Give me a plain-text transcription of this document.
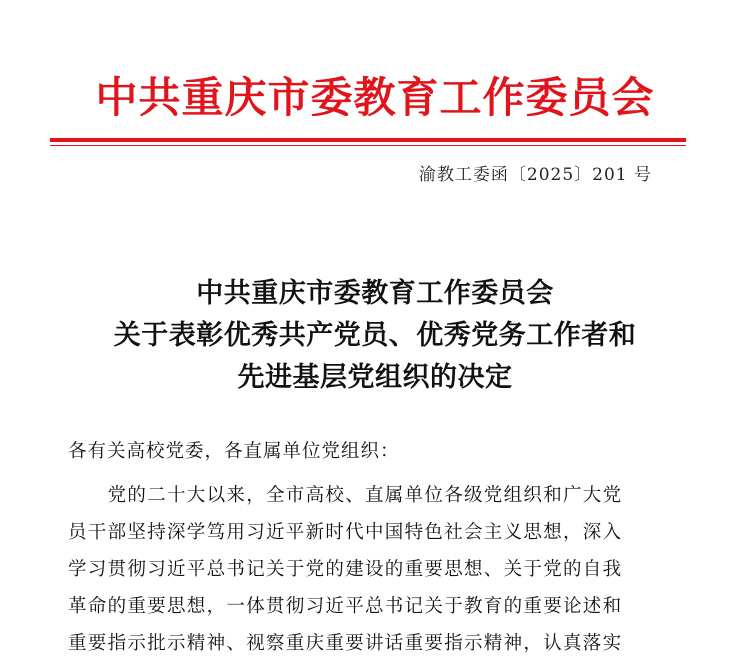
中共重庆市委教育工作委员会
渝教工委函〔2025〕201 号
中共重庆市委教育工作委员会
关于表彰优秀共产党员、优秀党务工作者和
先进基层党组织的决定
各有关高校党委，各直属单位党组织：
　　党的二十大以来，全市高校、直属单位各级党组织和广大党
员干部坚持深学笃用习近平新时代中国特色社会主义思想，深入
学习贯彻习近平总书记关于党的建设的重要思想、关于党的自我
革命的重要思想，一体贯彻习近平总书记关于教育的重要论述和
重要指示批示精神、视察重庆重要讲话重要指示精神，认真落实
